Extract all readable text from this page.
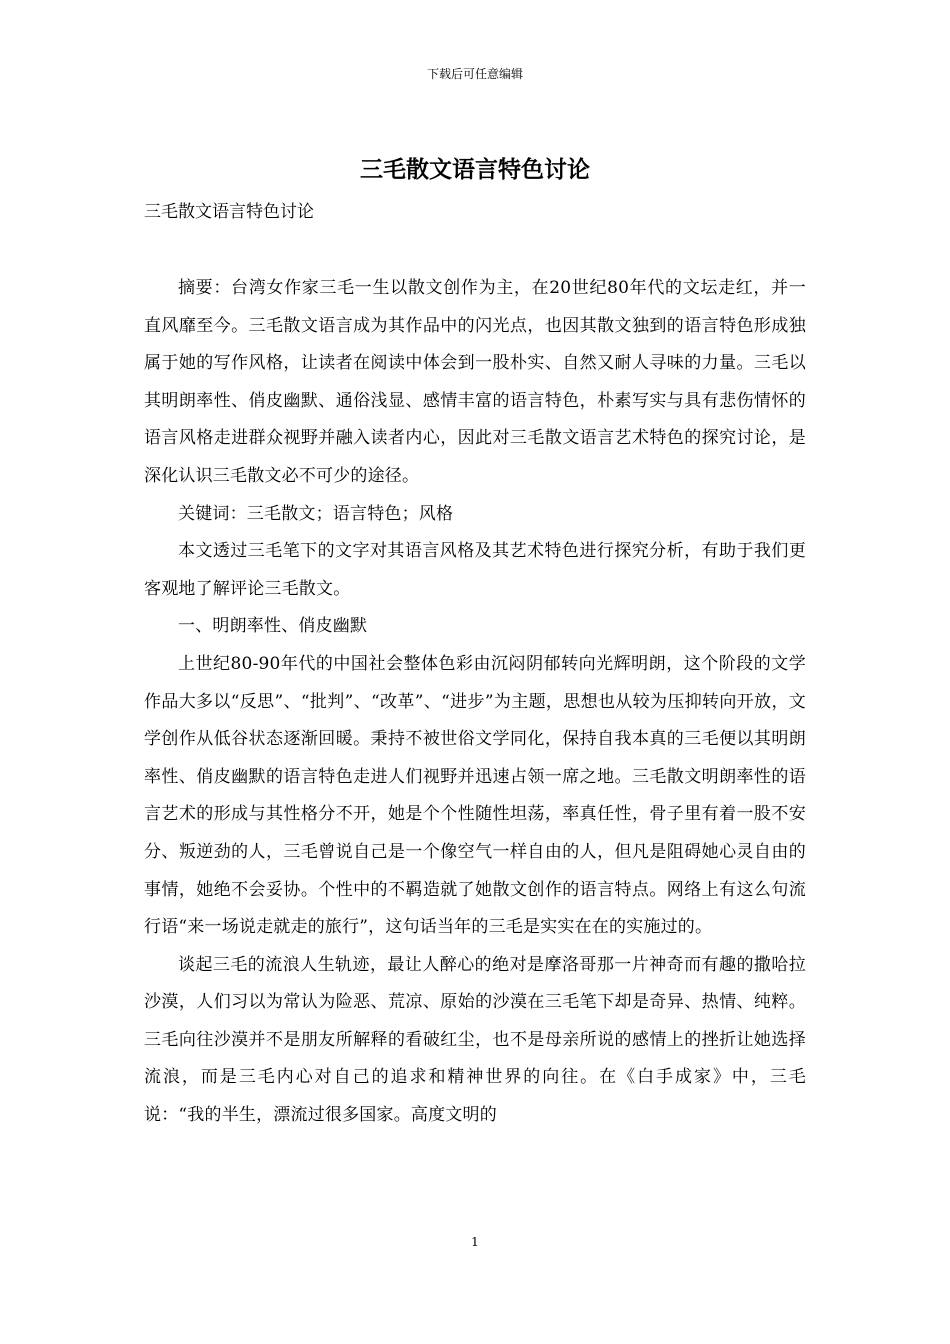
下载后可任意编辑
三毛散文语言特色讨论

三毛散文语言特色讨论

摘要：台湾女作家三毛一生以散文创作为主，在20世纪80年代的文坛走红，并一直风靡至今。三毛散文语言成为其作品中的闪光点，也因其散文独到的语言特色形成独属于她的写作风格，让读者在阅读中体会到一股朴实、自然又耐人寻味的力量。三毛以其明朗率性、俏皮幽默、通俗浅显、感情丰富的语言特色，朴素写实与具有悲伤情怀的语言风格走进群众视野并融入读者内心，因此对三毛散文语言艺术特色的探究讨论，是深化认识三毛散文必不可少的途径。

关键词：三毛散文；语言特色；风格

本文透过三毛笔下的文字对其语言风格及其艺术特色进行探究分析，有助于我们更客观地了解评论三毛散文。

一、明朗率性、俏皮幽默

上世纪80-90年代的中国社会整体色彩由沉闷阴郁转向光辉明朗，这个阶段的文学作品大多以“反思”、“批判”、“改革”、“进步”为主题，思想也从较为压抑转向开放，文学创作从低谷状态逐渐回暖。秉持不被世俗文学同化，保持自我本真的三毛便以其明朗率性、俏皮幽默的语言特色走进人们视野并迅速占领一席之地。三毛散文明朗率性的语言艺术的形成与其性格分不开，她是个个性随性坦荡，率真任性，骨子里有着一股不安分、叛逆劲的人，三毛曾说自己是一个像空气一样自由的人，但凡是阻碍她心灵自由的事情，她绝不会妥协。个性中的不羁造就了她散文创作的语言特点。网络上有这么句流行语“来一场说走就走的旅行”，这句话当年的三毛是实实在在的实施过的。

谈起三毛的流浪人生轨迹，最让人醉心的绝对是摩洛哥那一片神奇而有趣的撒哈拉沙漠，人们习以为常认为险恶、荒凉、原始的沙漠在三毛笔下却是奇异、热情、纯粹。三毛向往沙漠并不是朋友所解释的看破红尘，也不是母亲所说的感情上的挫折让她选择流浪，而是三毛内心对自己的追求和精神世界的向往。在《白手成家》中，三毛说：“我的半生，漂流过很多国家。高度文明的

1
